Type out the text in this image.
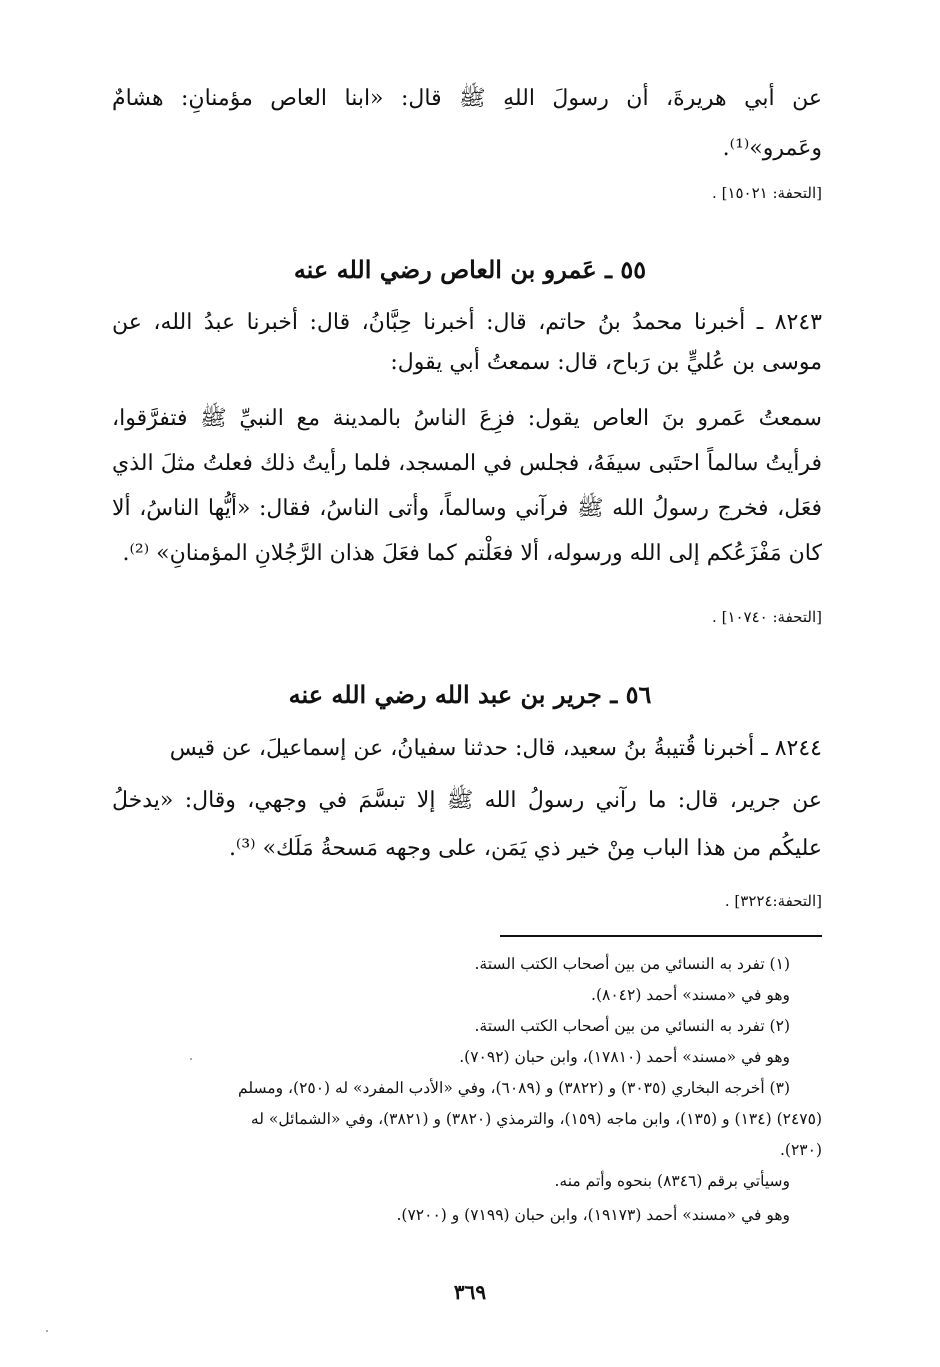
عن أبي هريرةَ، أن رسولَ اللهِ ﷺ قال: «ابنا العاص مؤمنانِ: هشامٌ
وعَمرو»⁽¹⁾.
[التحفة: ١٥٠٢١] .
٥٥ ـ عَمرو بن العاص رضي الله عنه
٨٢٤٣ ـ أخبرنا محمدُ بنُ حاتم، قال: أخبرنا حِبَّانُ، قال: أخبرنا عبدُ الله، عن
موسى بن عُليٍّ بن رَباح، قال: سمعتُ أبي يقول:
سمعتُ عَمرو بنَ العاص يقول: فزِعَ الناسُ بالمدينة مع النبيِّ ﷺ فتفرَّقوا،
فرأيتُ سالماً احتَبى سيفَهُ، فجلس في المسجد، فلما رأيتُ ذلك فعلتُ مثلَ الذي
فعَل، فخرج رسولُ الله ﷺ فرآني وسالماً، وأتى الناسُ، فقال: «أيُّها الناسُ، ألا
كان مَفْزَعُكم إلى الله ورسوله، ألا فعَلْتم كما فعَلَ هذان الرَّجُلانِ المؤمنانِ» ⁽²⁾.
[التحفة: ١٠٧٤٠] .
٥٦ ـ جرير بن عبد الله رضي الله عنه
٨٢٤٤ ـ أخبرنا قُتيبةُ بنُ سعيد، قال: حدثنا سفيانُ، عن إسماعيلَ، عن قيس
عن جرير، قال: ما رآني رسولُ الله ﷺ إلا تبسَّمَ في وجهي، وقال: «يدخلُ
عليكُم من هذا الباب مِنْ خير ذي يَمَن، على وجهه مَسحةُ مَلَك» ⁽³⁾.
[التحفة:٣٢٢٤] .
(١) تفرد به النسائي من بين أصحاب الكتب الستة.
وهو في «مسند» أحمد (٨٠٤٢).
(٢) تفرد به النسائي من بين أصحاب الكتب الستة.
وهو في «مسند» أحمد (١٧٨١٠)، وابن حبان (٧٠٩٢).
(٣) أخرجه البخاري (٣٠٣٥) و (٣٨٢٢) و (٦٠٨٩)، وفي «الأدب المفرد» له (٢٥٠)، ومسلم
(٢٤٧٥) (١٣٤) و (١٣٥)، وابن ماجه (١٥٩)، والترمذي (٣٨٢٠) و (٣٨٢١)، وفي «الشمائل» له
(٢٣٠).
وسيأتي برقم (٨٣٤٦) بنحوه وأتم منه.
وهو في «مسند» أحمد (١٩١٧٣)، وابن حبان (٧١٩٩) و (٧٢٠٠).
٣٦٩
